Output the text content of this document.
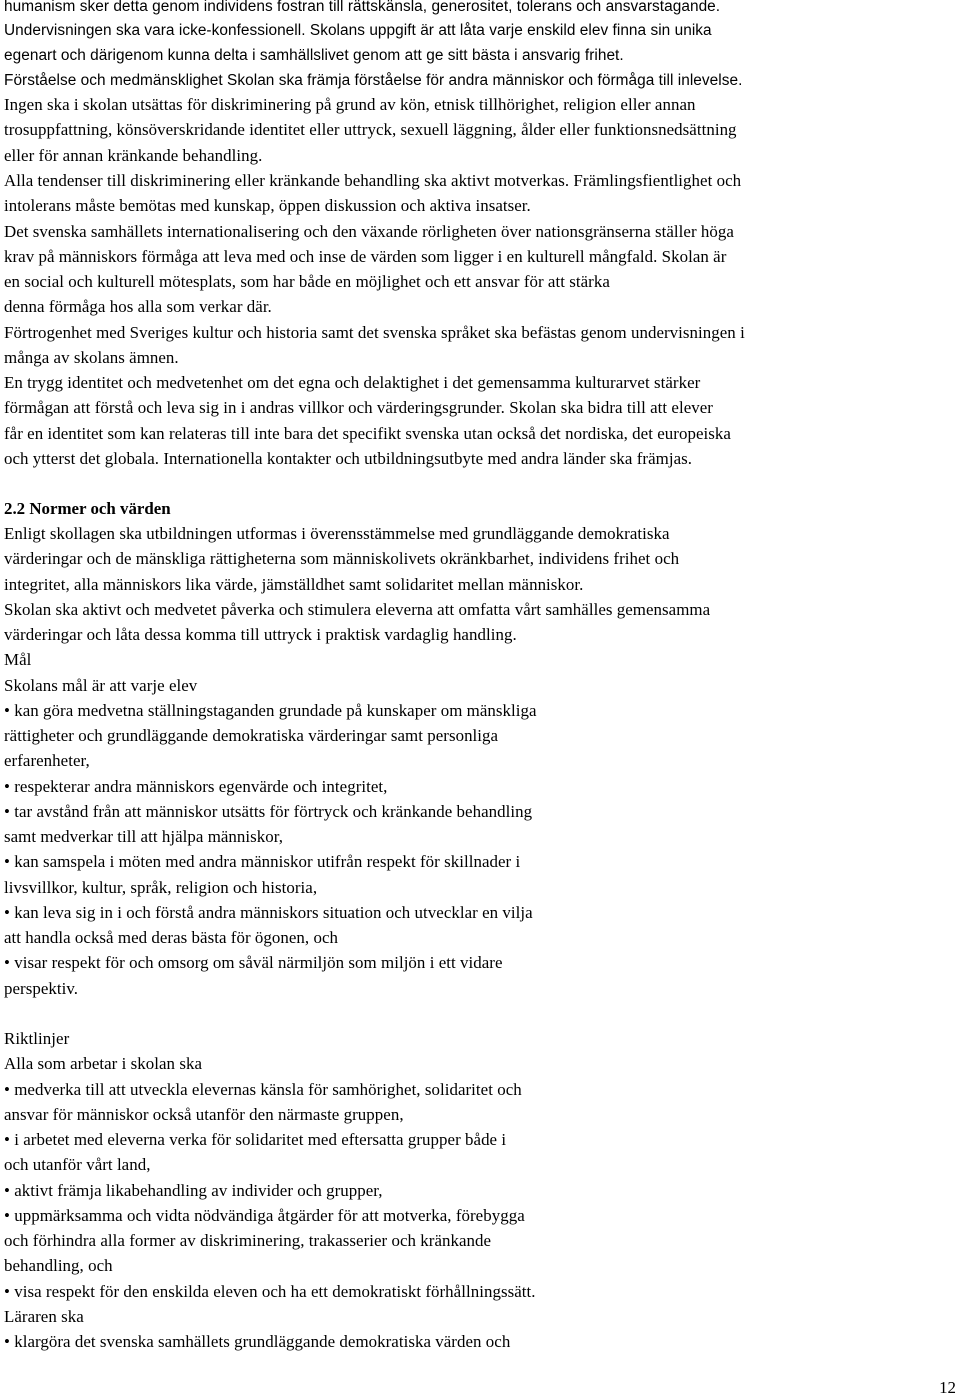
humanism sker detta genom individens fostran till rättskänsla, generositet, tolerans och ansvarstagande.
Undervisningen ska vara icke-konfessionell. Skolans uppgift är att låta varje enskild elev finna sin unika
egenart och därigenom kunna delta i samhällslivet genom att ge sitt bästa i ansvarig frihet.
Förståelse och medmänsklighet Skolan ska främja förståelse för andra människor och förmåga till inlevelse.
Ingen ska i skolan utsättas för diskriminering på grund av kön, etnisk tillhörighet, religion eller annan
trosuppfattning, könsöverskridande identitet eller uttryck, sexuell läggning, ålder eller funktionsnedsättning
eller för annan kränkande behandling.
Alla tendenser till diskriminering eller kränkande behandling ska aktivt motverkas. Främlingsfientlighet och
intolerans måste bemötas med kunskap, öppen diskussion och aktiva insatser.
Det svenska samhällets internationalisering och den växande rörligheten över nationsgränserna ställer höga
krav på människors förmåga att leva med och inse de värden som ligger i en kulturell mångfald. Skolan är
en social och kulturell mötesplats, som har både en möjlighet och ett ansvar för att stärka
denna förmåga hos alla som verkar där.
Förtrogenhet med Sveriges kultur och historia samt det svenska språket ska befästas genom undervisningen i
många av skolans ämnen.
En trygg identitet och medvetenhet om det egna och delaktighet i det gemensamma kulturarvet stärker
förmågan att förstå och leva sig in i andras villkor och värderingsgrunder. Skolan ska bidra till att elever
får en identitet som kan relateras till inte bara det specifikt svenska utan också det nordiska, det europeiska
och ytterst det globala. Internationella kontakter och utbildningsutbyte med andra länder ska främjas.
2.2 Normer och värden
Enligt skollagen ska utbildningen utformas i överensstämmelse med grundläggande demokratiska
värderingar och de mänskliga rättigheterna som människolivets okränkbarhet, individens frihet och
integritet, alla människors lika värde, jämställdhet samt solidaritet mellan människor.
Skolan ska aktivt och medvetet påverka och stimulera eleverna att omfatta vårt samhälles gemensamma
värderingar och låta dessa komma till uttryck i praktisk vardaglig handling.
Mål
Skolans mål är att varje elev
• kan göra medvetna ställningstaganden grundade på kunskaper om mänskliga
rättigheter och grundläggande demokratiska värderingar samt personliga
erfarenheter,
• respekterar andra människors egenvärde och integritet,
• tar avstånd från att människor utsätts för förtryck och kränkande behandling
samt medverkar till att hjälpa människor,
• kan samspela i möten med andra människor utifrån respekt för skillnader i
livsvillkor, kultur, språk, religion och historia,
• kan leva sig in i och förstå andra människors situation och utvecklar en vilja
att handla också med deras bästa för ögonen, och
• visar respekt för och omsorg om såväl närmiljön som miljön i ett vidare
perspektiv.
Riktlinjer
Alla som arbetar i skolan ska
• medverka till att utveckla elevernas känsla för samhörighet, solidaritet och
ansvar för människor också utanför den närmaste gruppen,
• i arbetet med eleverna verka för solidaritet med eftersatta grupper både i
och utanför vårt land,
• aktivt främja likabehandling av individer och grupper,
• uppmärksamma och vidta nödvändiga åtgärder för att motverka, förebygga
och förhindra alla former av diskriminering, trakasserier och kränkande
behandling, och
• visa respekt för den enskilda eleven och ha ett demokratiskt förhållningssätt.
Läraren ska
• klargöra det svenska samhällets grundläggande demokratiska värden och
12
